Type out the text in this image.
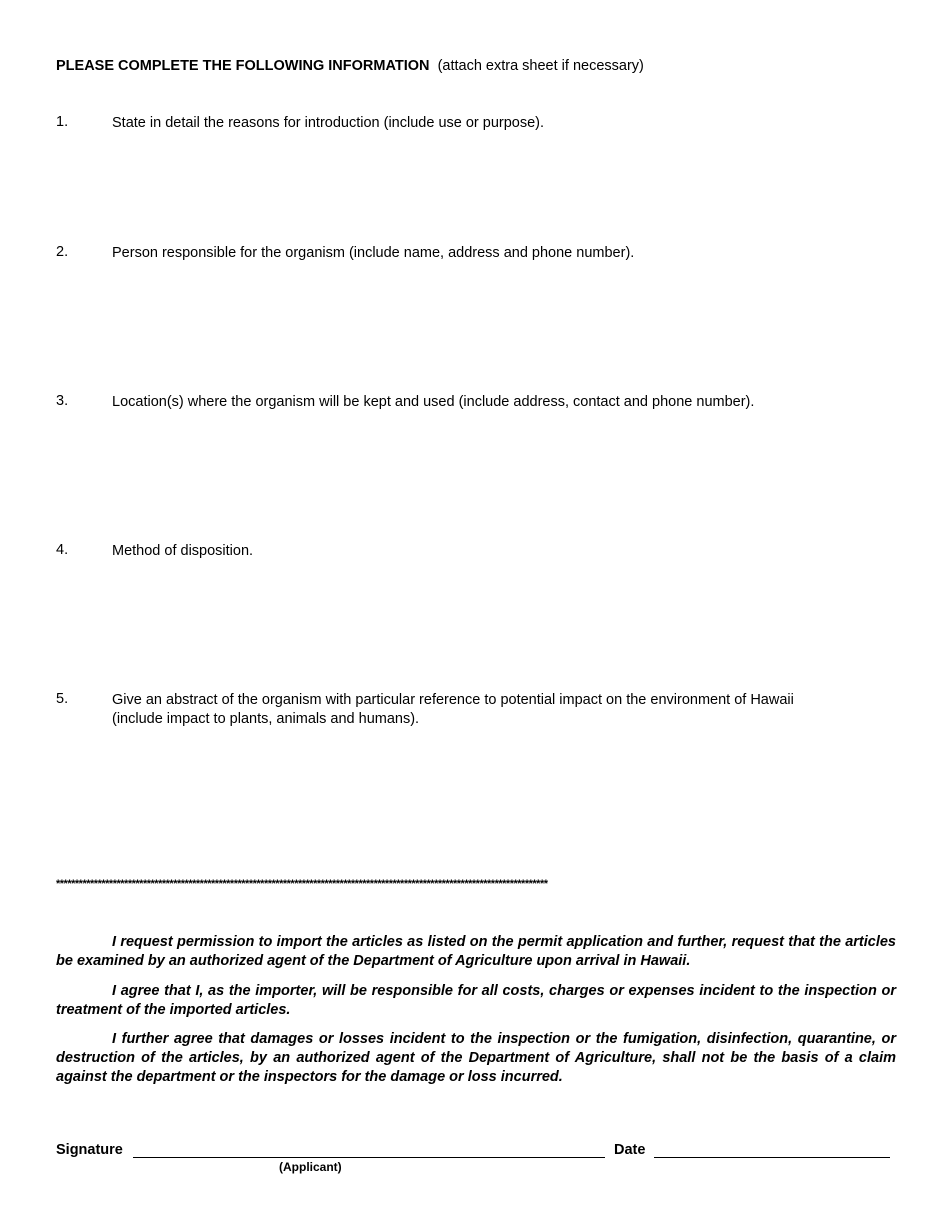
PLEASE COMPLETE THE FOLLOWING INFORMATION (attach extra sheet if necessary)
1.	State in detail the reasons for introduction (include use or purpose).
2.	Person responsible for the organism (include name, address and phone number).
3.	Location(s) where the organism will be kept and used (include address, contact and phone number).
4.	Method of disposition.
5.	Give an abstract of the organism with particular reference to potential impact on the environment of Hawaii (include impact to plants, animals and humans).
**********************************************************************************************************************************
I request permission to import the articles as listed on the permit application and further, request that the articles be examined by an authorized agent of the Department of Agriculture upon arrival in Hawaii.
I agree that I, as the importer, will be responsible for all costs, charges or expenses incident to the inspection or treatment of the imported articles.
I further agree that damages or losses incident to the inspection or the fumigation, disinfection, quarantine, or destruction of the articles, by an authorized agent of the Department of Agriculture, shall not be the basis of a claim against the department or the inspectors for the damage or loss incurred.
Signature
(Applicant)
Date
